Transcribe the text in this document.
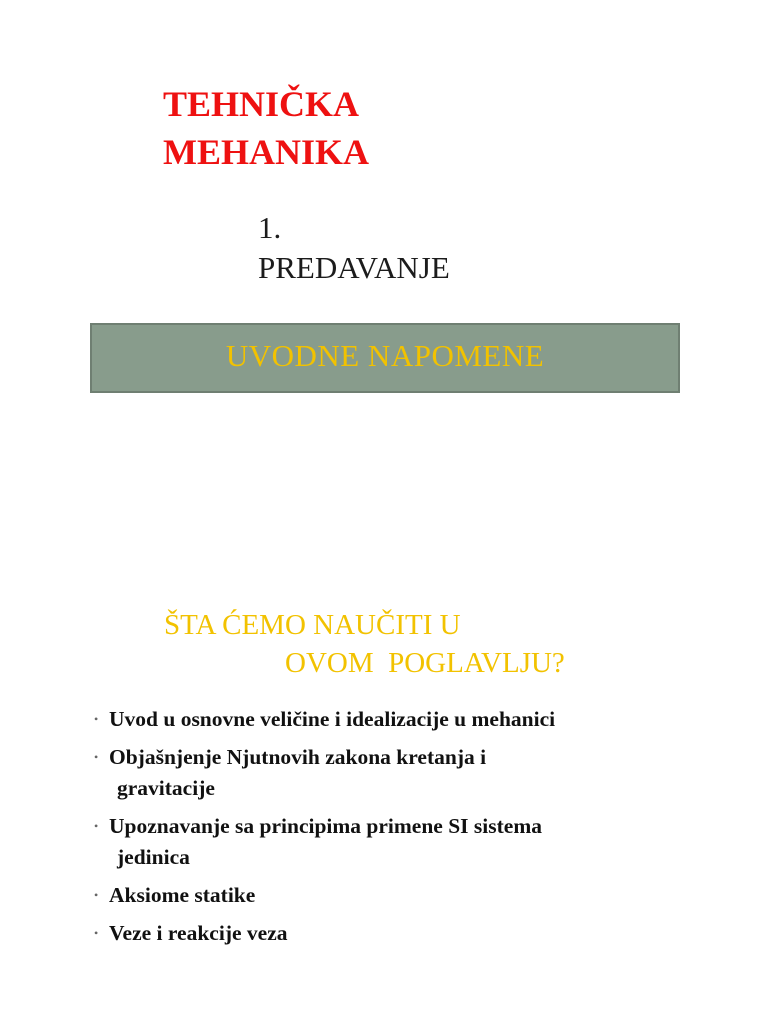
TEHNIČKA
MEHANIKA
1.
PREDAVANJE
UVODNE NAPOMENE
ŠTA ĆEMO NAUČITI U
OVOM  POGLAVLJU?
• Uvod u osnovne veličine i idealizacije u mehanici
• Objašnjenje Njutnovih zakona kretanja i
gravitacije
• Upoznavanje sa principima primene SI sistema
jedinica
• Aksiome statike
• Veze i reakcije veza
